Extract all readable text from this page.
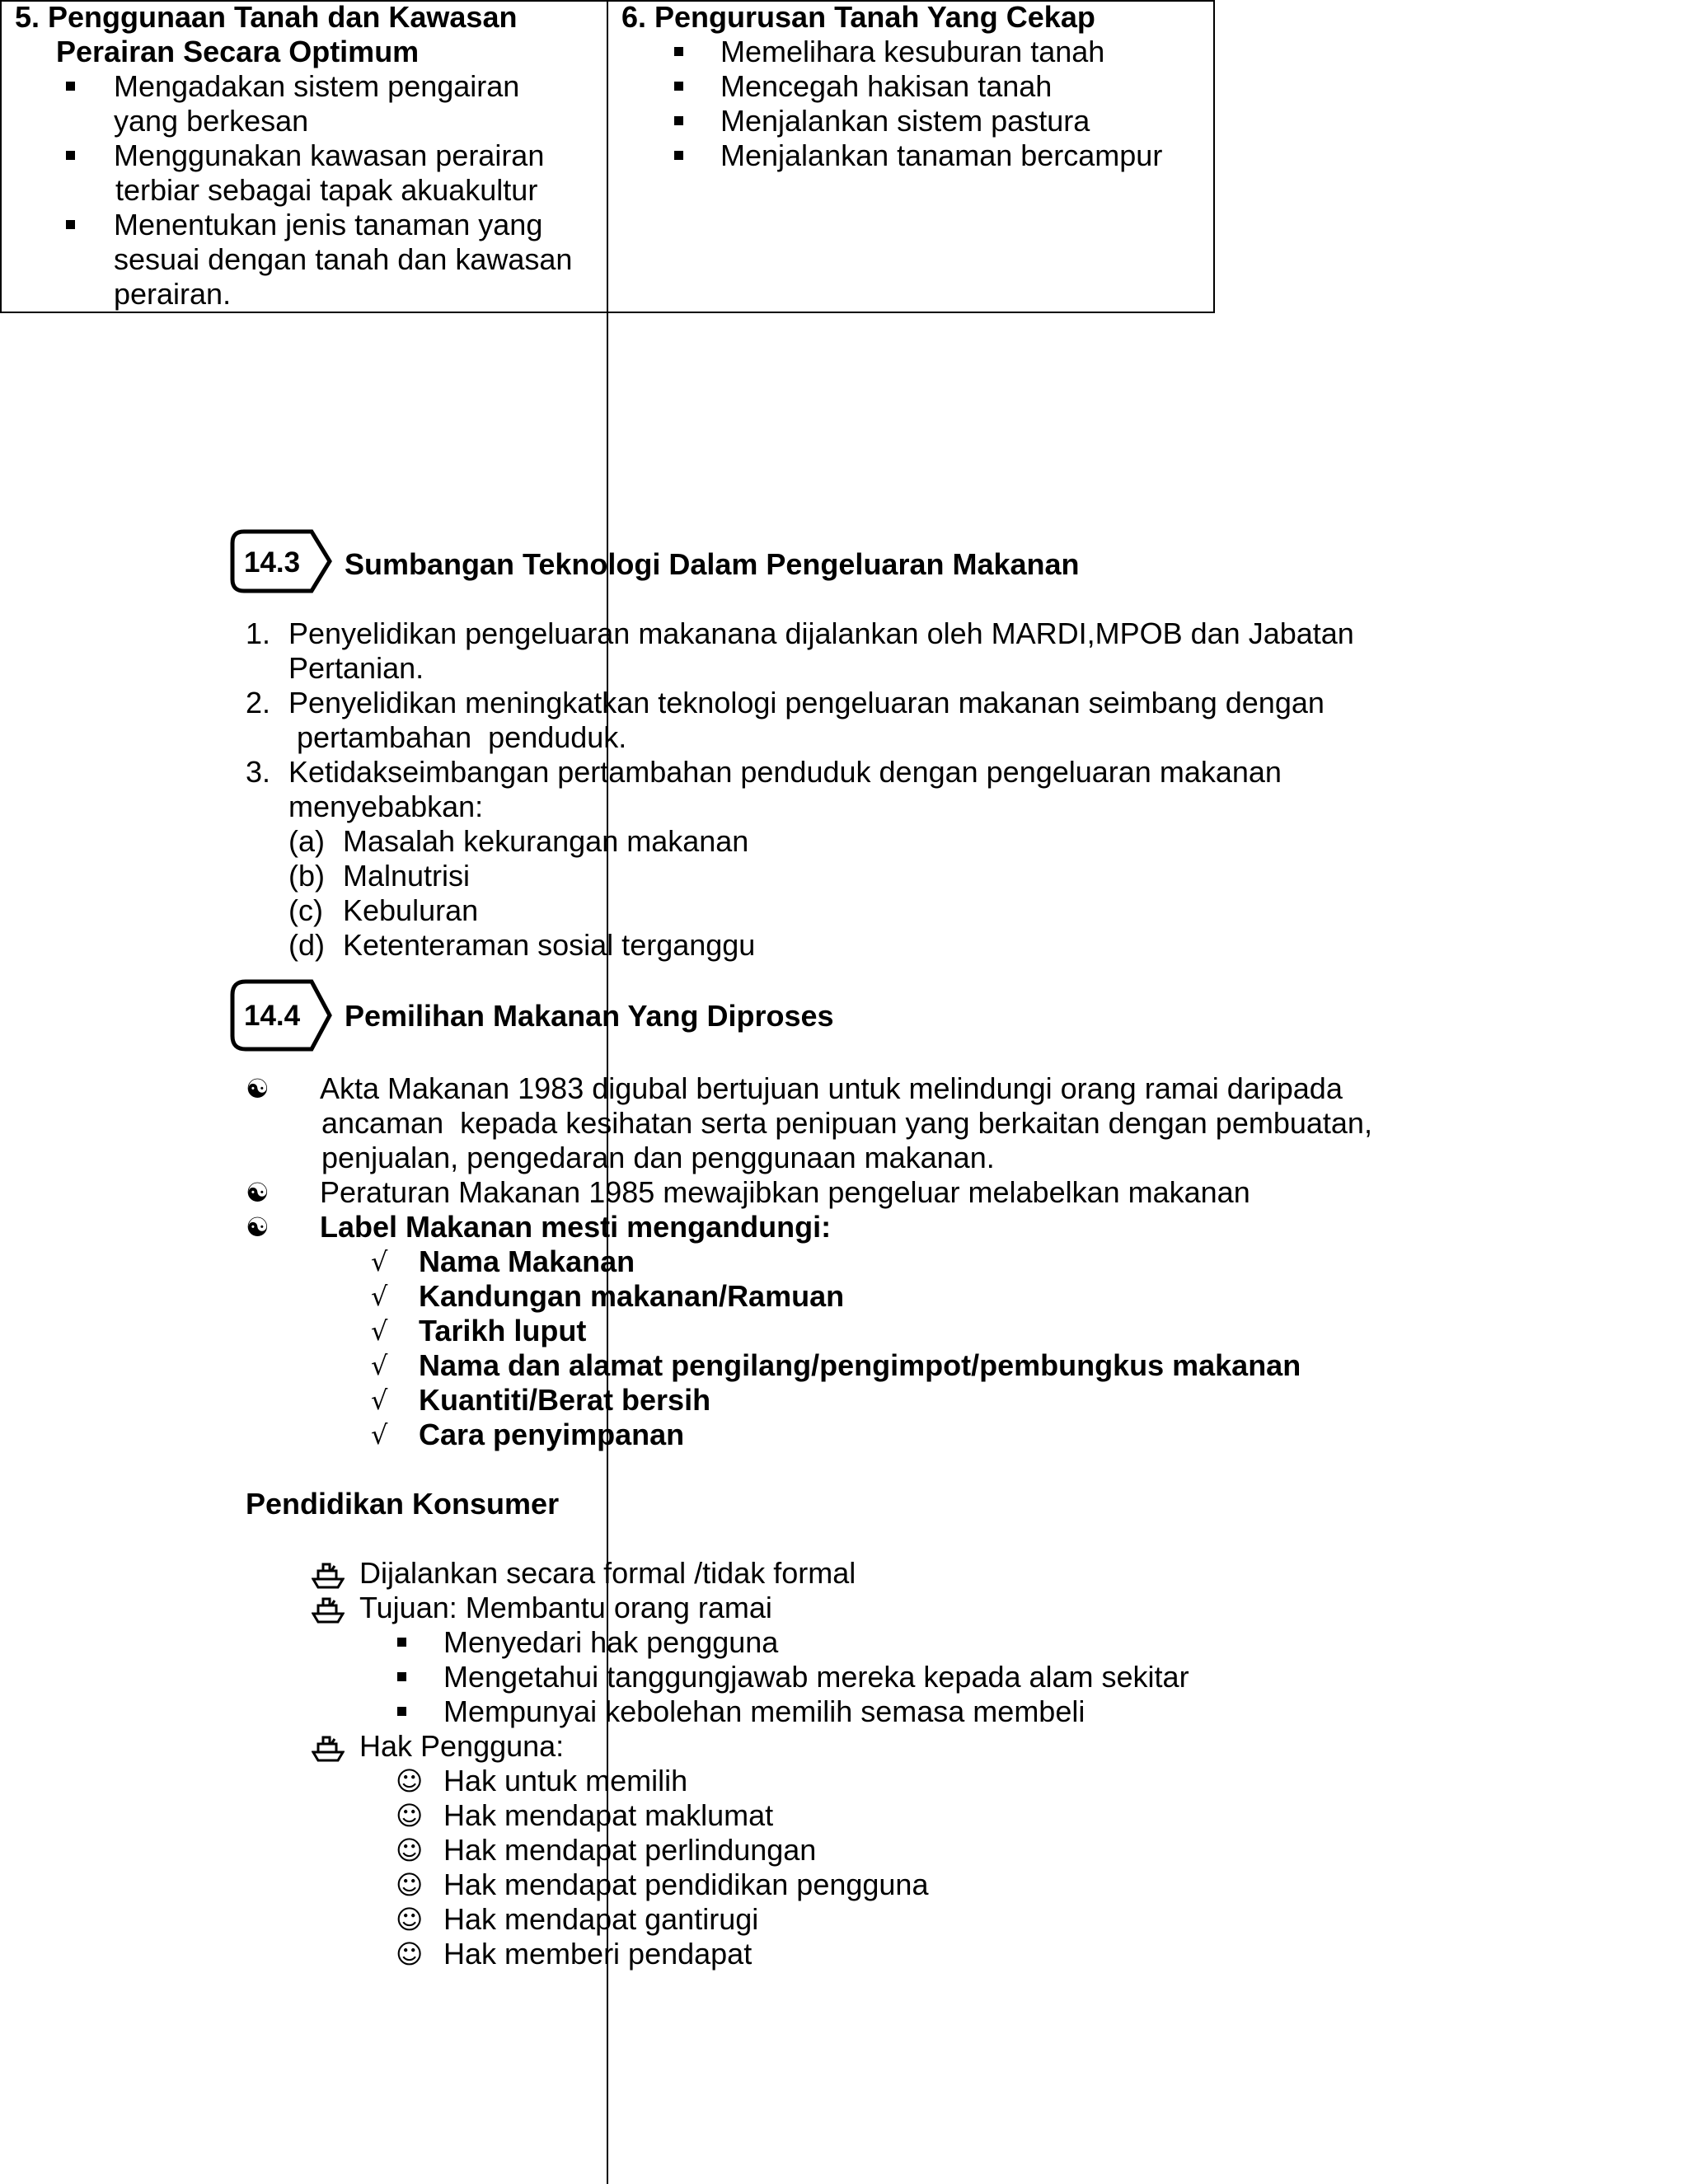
5. Penggunaan Tanah dan Kawasan
Perairan Secara Optimum
Mengadakan sistem pengairan
yang berkesan
Menggunakan kawasan perairan
terbiar sebagai tapak akuakultur
Menentukan jenis tanaman yang
sesuai dengan tanah dan kawasan
perairan.
6. Pengurusan Tanah Yang Cekap
Memelihara kesuburan tanah
Mencegah hakisan tanah
Menjalankan sistem pastura
Menjalankan tanaman bercampur
14.3 Sumbangan Teknologi Dalam Pengeluaran Makanan
1. Penyelidikan pengeluaran makanana dijalankan oleh MARDI,MPOB dan Jabatan
Pertanian.
2. Penyelidikan meningkatkan teknologi pengeluaran makanan seimbang dengan
pertambahan  penduduk.
3. Ketidakseimbangan pertambahan penduduk dengan pengeluaran makanan
menyebabkan:
(a) Masalah kekurangan makanan
(b) Malnutrisi
(c) Kebuluran
(d) Ketenteraman sosial terganggu
14.4 Pemilihan Makanan Yang Diproses
☯ Akta Makanan 1983 digubal bertujuan untuk melindungi orang ramai daripada
ancaman  kepada kesihatan serta penipuan yang berkaitan dengan pembuatan,
penjualan, pengedaran dan penggunaan makanan.
☯ Peraturan Makanan 1985 mewajibkan pengeluar melabelkan makanan
☯ Label Makanan mesti mengandungi:
√ Nama Makanan
√ Kandungan makanan/Ramuan
√ Tarikh luput
√ Nama dan alamat pengilang/pengimpot/pembungkus makanan
√ Kuantiti/Berat bersih
√ Cara penyimpanan
Pendidikan Konsumer
Dijalankan secara formal /tidak formal
Tujuan: Membantu orang ramai
Menyedari hak pengguna
Mengetahui tanggungjawab mereka kepada alam sekitar
Mempunyai kebolehan memilih semasa membeli
Hak Pengguna:
☺ Hak untuk memilih
☺ Hak mendapat maklumat
☺ Hak mendapat perlindungan
☺ Hak mendapat pendidikan pengguna
☺ Hak mendapat gantirugi
☺ Hak memberi pendapat
